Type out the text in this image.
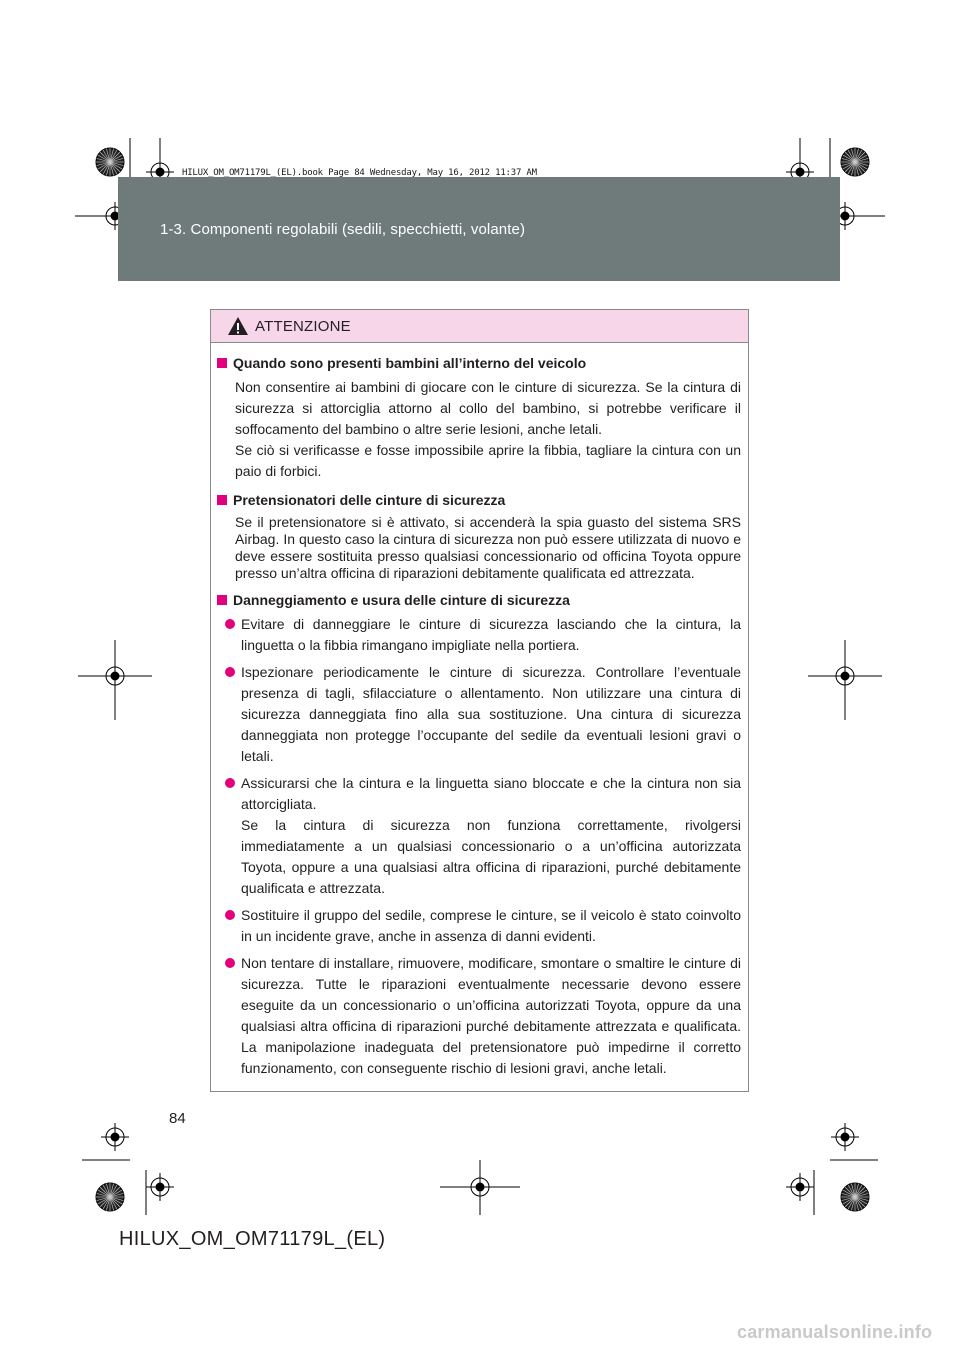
HILUX_OM_OM71179L_(EL).book Page 84 Wednesday, May 16, 2012 11:37 AM
1-3. Componenti regolabili (sedili, specchietti, volante)
ATTENZIONE
Quando sono presenti bambini all’interno del veicolo
Non consentire ai bambini di giocare con le cinture di sicurezza. Se la cintura di sicurezza si attorciglia attorno al collo del bambino, si potrebbe verificare il soffocamento del bambino o altre serie lesioni, anche letali.
Se ciò si verificasse e fosse impossibile aprire la fibbia, tagliare la cintura con un paio di forbici.
Pretensionatori delle cinture di sicurezza
Se il pretensionatore si è attivato, si accenderà la spia guasto del sistema SRS Airbag. In questo caso la cintura di sicurezza non può essere utilizzata di nuovo e deve essere sostituita presso qualsiasi concessionario od officina Toyota oppure presso un’altra officina di riparazioni debitamente qualificata ed attrezzata.
Danneggiamento e usura delle cinture di sicurezza
Evitare di danneggiare le cinture di sicurezza lasciando che la cintura, la linguetta o la fibbia rimangano impigliate nella portiera.
Ispezionare periodicamente le cinture di sicurezza. Controllare l’eventuale presenza di tagli, sfilacciature o allentamento. Non utilizzare una cintura di sicurezza danneggiata fino alla sua sostituzione. Una cintura di sicurezza danneggiata non protegge l’occupante del sedile da eventuali lesioni gravi o letali.
Assicurarsi che la cintura e la linguetta siano bloccate e che la cintura non sia attorcigliata.
Se la cintura di sicurezza non funziona correttamente, rivolgersi immediatamente a un qualsiasi concessionario o a un’officina autorizzata Toyota, oppure a una qualsiasi altra officina di riparazioni, purché debitamente qualificata e attrezzata.
Sostituire il gruppo del sedile, comprese le cinture, se il veicolo è stato coinvolto in un incidente grave, anche in assenza di danni evidenti.
Non tentare di installare, rimuovere, modificare, smontare o smaltire le cinture di sicurezza. Tutte le riparazioni eventualmente necessarie devono essere eseguite da un concessionario o un’officina autorizzati Toyota, oppure da una qualsiasi altra officina di riparazioni purché debitamente attrezzata e qualificata. La manipolazione inadeguata del pretensionatore può impedirne il corretto funzionamento, con conseguente rischio di lesioni gravi, anche letali.
84
HILUX_OM_OM71179L_(EL)
carmanualsonline.info
